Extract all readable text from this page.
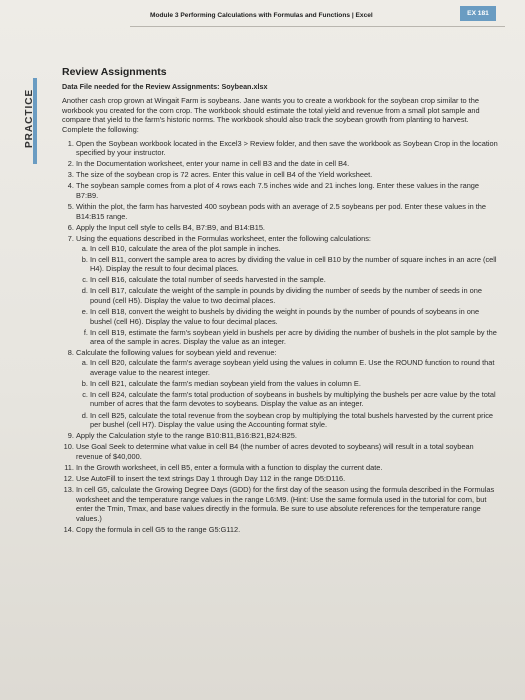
Module 3 Performing Calculations with Formulas and Functions | Excel	EX 181
PRACTICE
Review Assignments

Data File needed for the Review Assignments: Soybean.xlsx

Another cash crop grown at Wingait Farm is soybeans. Jane wants you to create a workbook for the soybean crop similar to the workbook you created for the corn crop. The workbook should estimate the total yield and revenue from a small plot sample and compare that yield to the farm's historic norms. The workbook should also track the soybean growth from planting to harvest. Complete the following:

1. Open the Soybean workbook located in the Excel3 > Review folder, and then save the workbook as Soybean Crop in the location specified by your instructor.
2. In the Documentation worksheet, enter your name in cell B3 and the date in cell B4.
3. The size of the soybean crop is 72 acres. Enter this value in cell B4 of the Yield worksheet.
4. The soybean sample comes from a plot of 4 rows each 7.5 inches wide and 21 inches long. Enter these values in the range B7:B9.
5. Within the plot, the farm has harvested 400 soybean pods with an average of 2.5 soybeans per pod. Enter these values in the B14:B15 range.
6. Apply the Input cell style to cells B4, B7:B9, and B14:B15.
7. Using the equations described in the Formulas worksheet, enter the following calculations:
a. In cell B10, calculate the area of the plot sample in inches.
b. In cell B11, convert the sample area to acres by dividing the value in cell B10 by the number of square inches in an acre (cell H4). Display the result to four decimal places.
c. In cell B16, calculate the total number of seeds harvested in the sample.
d. In cell B17, calculate the weight of the sample in pounds by dividing the number of seeds by the number of seeds in one pound (cell H5). Display the value to two decimal places.
e. In cell B18, convert the weight to bushels by dividing the weight in pounds by the number of pounds of soybeans in one bushel (cell H6). Display the value to four decimal places.
f. In cell B19, estimate the farm's soybean yield in bushels per acre by dividing the number of bushels in the plot sample by the area of the sample in acres. Display the value as an integer.
8. Calculate the following values for soybean yield and revenue:
a. In cell B20, calculate the farm's average soybean yield using the values in column E. Use the ROUND function to round that average value to the nearest integer.
b. In cell B21, calculate the farm's median soybean yield from the values in column E.
c. In cell B24, calculate the farm's total production of soybeans in bushels by multiplying the bushels per acre value by the total number of acres that the farm devotes to soybeans. Display the value as an integer.
d. In cell B25, calculate the total revenue from the soybean crop by multiplying the total bushels harvested by the current price per bushel (cell H7). Display the value using the Accounting format style.
9. Apply the Calculation style to the range B10:B11,B16:B21,B24:B25.
10. Use Goal Seek to determine what value in cell B4 (the number of acres devoted to soybeans) will result in a total soybean revenue of $40,000.
11. In the Growth worksheet, in cell B5, enter a formula with a function to display the current date.
12. Use AutoFill to insert the text strings Day 1 through Day 112 in the range D5:D116.
13. In cell G5, calculate the Growing Degree Days (GDD) for the first day of the season using the formula described in the Formulas worksheet and the temperature range values in the range L6:M9. (Hint: Use the same formula used in the tutorial for corn, but enter the Tmin, Tmax, and base values directly in the formula. Be sure to use absolute references for the temperature range values.)
14. Copy the formula in cell G5 to the range G5:G112.
